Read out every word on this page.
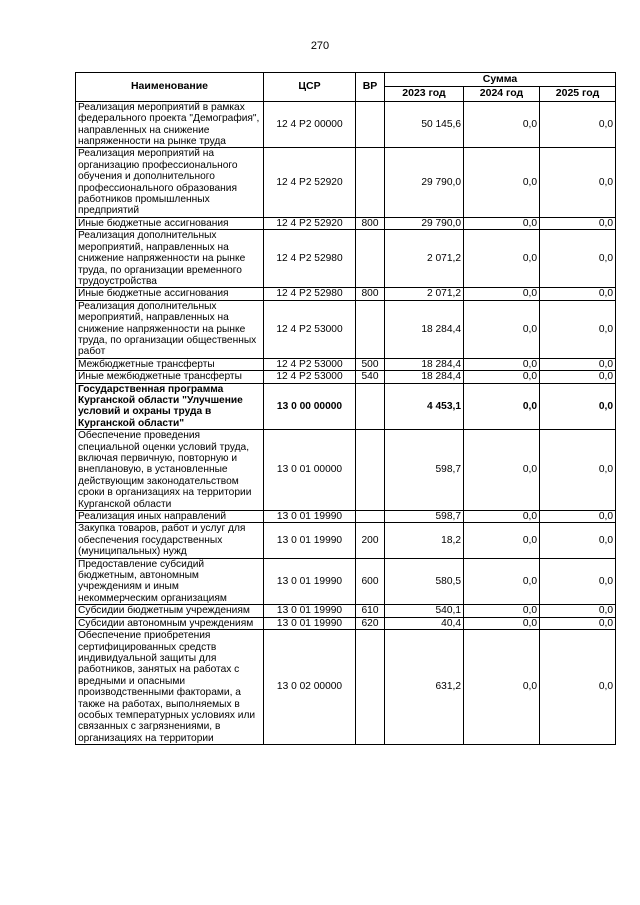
270
Наименование	ЦСР	ВР	Сумма		
			2023 год	2024 год	2025 год
Реализация мероприятий в рамках федерального проекта "Демография", направленных на снижение напряженности на рынке труда	12 4 P2 00000		50 145,6	0,0	0,0
Реализация мероприятий на организацию профессионального обучения и дополнительного профессионального образования работников промышленных предприятий	12 4 P2 52920		29 790,0	0,0	0,0
Иные бюджетные ассигнования	12 4 P2 52920	800	29 790,0	0,0	0,0
Реализация дополнительных мероприятий, направленных на снижение напряженности на рынке труда, по организации временного трудоустройства	12 4 P2 52980		2 071,2	0,0	0,0
Иные бюджетные ассигнования	12 4 P2 52980	800	2 071,2	0,0	0,0
Реализация дополнительных мероприятий, направленных на снижение напряженности на рынке труда, по организации общественных работ	12 4 P2 53000		18 284,4	0,0	0,0
Межбюджетные трансферты	12 4 P2 53000	500	18 284,4	0,0	0,0
Иные межбюджетные трансферты	12 4 P2 53000	540	18 284,4	0,0	0,0
Государственная программа Курганской области "Улучшение условий и охраны труда в Курганской области"	13 0 00 00000		4 453,1	0,0	0,0
Обеспечение проведения специальной оценки условий труда, включая первичную, повторную и внеплановую, в установленные действующим законодательством сроки в организациях на территории Курганской области	13 0 01 00000		598,7	0,0	0,0
Реализация иных направлений	13 0 01 19990		598,7	0,0	0,0
Закупка товаров, работ и услуг для обеспечения государственных (муниципальных) нужд	13 0 01 19990	200	18,2	0,0	0,0
Предоставление субсидий бюджетным, автономным учреждениям и иным некоммерческим организациям	13 0 01 19990	600	580,5	0,0	0,0
Субсидии бюджетным учреждениям	13 0 01 19990	610	540,1	0,0	0,0
Субсидии автономным учреждениям	13 0 01 19990	620	40,4	0,0	0,0
Обеспечение приобретения сертифицированных средств индивидуальной защиты для работников, занятых на работах с вредными и опасными производственными факторами, а также на работах, выполняемых в особых температурных условиях или связанных с загрязнениями, в организациях на территории	13 0 02 00000		631,2	0,0	0,0
